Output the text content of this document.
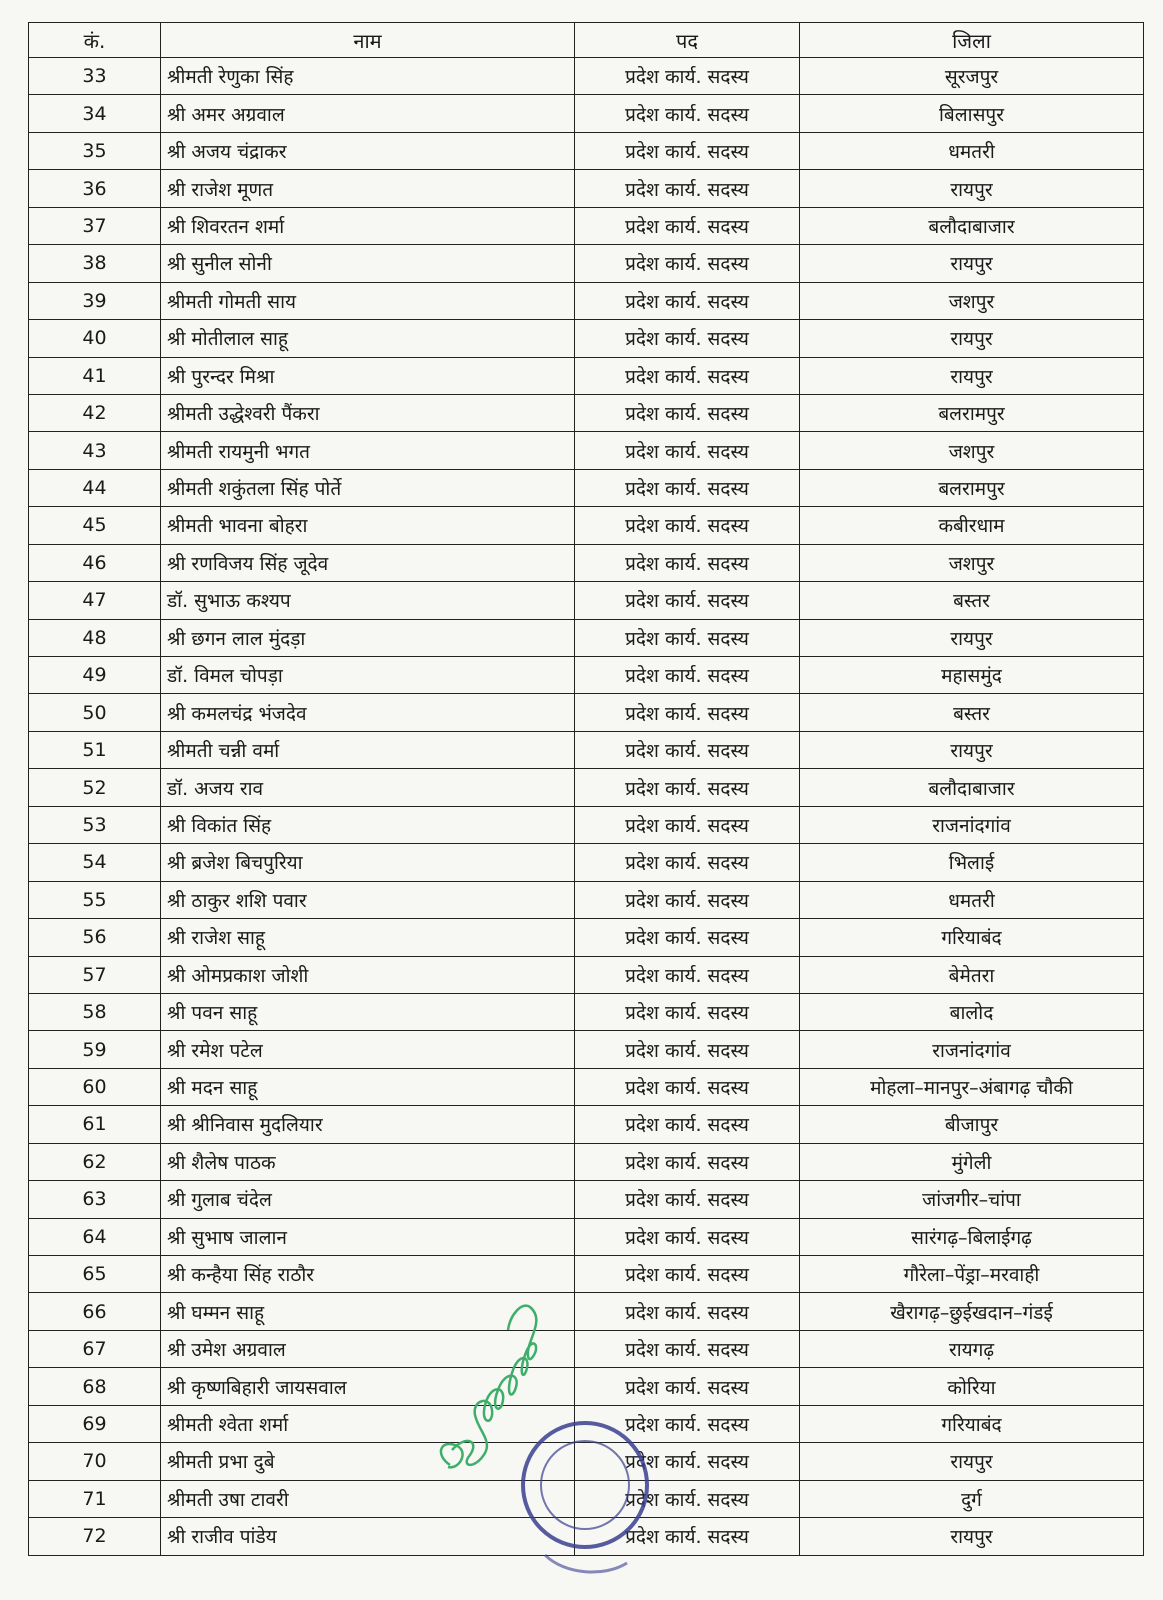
कं.	नाम	पद	जिला
33	श्रीमती रेणुका सिंह	प्रदेश कार्य. सदस्य	सूरजपुर
34	श्री अमर अग्रवाल	प्रदेश कार्य. सदस्य	बिलासपुर
35	श्री अजय चंद्राकर	प्रदेश कार्य. सदस्य	धमतरी
36	श्री राजेश मूणत	प्रदेश कार्य. सदस्य	रायपुर
37	श्री शिवरतन शर्मा	प्रदेश कार्य. सदस्य	बलौदाबाजार
38	श्री सुनील सोनी	प्रदेश कार्य. सदस्य	रायपुर
39	श्रीमती गोमती साय	प्रदेश कार्य. सदस्य	जशपुर
40	श्री मोतीलाल साहू	प्रदेश कार्य. सदस्य	रायपुर
41	श्री पुरन्दर मिश्रा	प्रदेश कार्य. सदस्य	रायपुर
42	श्रीमती उद्धेश्वरी पैंकरा	प्रदेश कार्य. सदस्य	बलरामपुर
43	श्रीमती रायमुनी भगत	प्रदेश कार्य. सदस्य	जशपुर
44	श्रीमती शकुंतला सिंह पोर्ते	प्रदेश कार्य. सदस्य	बलरामपुर
45	श्रीमती भावना बोहरा	प्रदेश कार्य. सदस्य	कबीरधाम
46	श्री रणविजय सिंह जूदेव	प्रदेश कार्य. सदस्य	जशपुर
47	डॉ. सुभाऊ कश्यप	प्रदेश कार्य. सदस्य	बस्तर
48	श्री छगन लाल मुंदड़ा	प्रदेश कार्य. सदस्य	रायपुर
49	डॉ. विमल चोपड़ा	प्रदेश कार्य. सदस्य	महासमुंद
50	श्री कमलचंद्र भंजदेव	प्रदेश कार्य. सदस्य	बस्तर
51	श्रीमती चन्नी वर्मा	प्रदेश कार्य. सदस्य	रायपुर
52	डॉ. अजय राव	प्रदेश कार्य. सदस्य	बलौदाबाजार
53	श्री विकांत सिंह	प्रदेश कार्य. सदस्य	राजनांदगांव
54	श्री ब्रजेश बिचपुरिया	प्रदेश कार्य. सदस्य	भिलाई
55	श्री ठाकुर शशि पवार	प्रदेश कार्य. सदस्य	धमतरी
56	श्री राजेश साहू	प्रदेश कार्य. सदस्य	गरियाबंद
57	श्री ओमप्रकाश जोशी	प्रदेश कार्य. सदस्य	बेमेतरा
58	श्री पवन साहू	प्रदेश कार्य. सदस्य	बालोद
59	श्री रमेश पटेल	प्रदेश कार्य. सदस्य	राजनांदगांव
60	श्री मदन साहू	प्रदेश कार्य. सदस्य	मोहला–मानपुर–अंबागढ़ चौकी
61	श्री श्रीनिवास मुदलियार	प्रदेश कार्य. सदस्य	बीजापुर
62	श्री शैलेष पाठक	प्रदेश कार्य. सदस्य	मुंगेली
63	श्री गुलाब चंदेल	प्रदेश कार्य. सदस्य	जांजगीर–चांपा
64	श्री सुभाष जालान	प्रदेश कार्य. सदस्य	सारंगढ़–बिलाईगढ़
65	श्री कन्हैया सिंह राठौर	प्रदेश कार्य. सदस्य	गौरेला–पेंड्रा–मरवाही
66	श्री घम्मन साहू	प्रदेश कार्य. सदस्य	खैरागढ़–छुईखदान–गंडई
67	श्री उमेश अग्रवाल	प्रदेश कार्य. सदस्य	रायगढ़
68	श्री कृष्णबिहारी जायसवाल	प्रदेश कार्य. सदस्य	कोरिया
69	श्रीमती श्वेता शर्मा	प्रदेश कार्य. सदस्य	गरियाबंद
70	श्रीमती प्रभा दुबे	प्रदेश कार्य. सदस्य	रायपुर
71	श्रीमती उषा टावरी	प्रदेश कार्य. सदस्य	दुर्ग
72	श्री राजीव पांडेय	प्रदेश कार्य. सदस्य	रायपुर
